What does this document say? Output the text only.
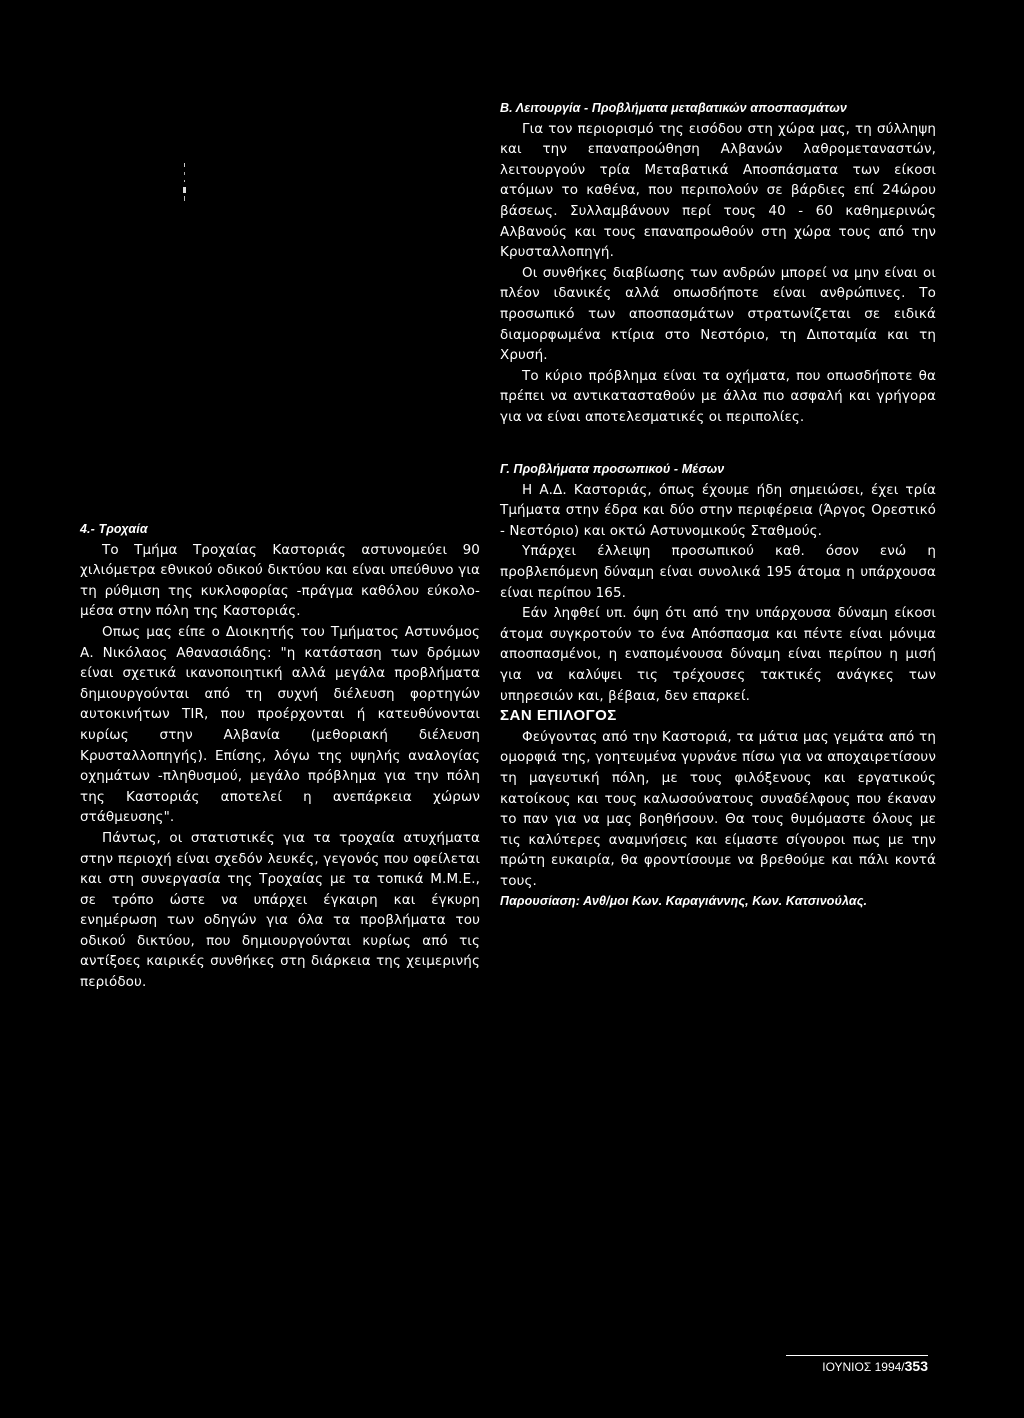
Β. Λειτουργία - Προβλήματα μεταβατικών αποσπασμάτων

Για τον περιορισμό της εισόδου στη χώρα μας, τη σύλληψη και την επαναπροώθηση Αλβανών λαθρομεταναστών, λειτουργούν τρία Μεταβατικά Αποσπάσματα των είκοσι ατόμων το καθένα, που περιπολούν σε βάρδιες επί 24ώρου βάσεως. Συλλαμβάνουν περί τους 40 - 60 καθημερινώς Αλβανούς και τους επαναπροωθούν στη χώρα τους από την Κρυσταλλοπηγή.

Οι συνθήκες διαβίωσης των ανδρών μπορεί να μην είναι οι πλέον ιδανικές αλλά οπωσδήποτε είναι ανθρώπινες. Το προσωπικό των αποσπασμάτων στρατωνίζεται σε ειδικά διαμορφωμένα κτίρια στο Νεστόριο, τη Διποταμία και τη Χρυσή.

Το κύριο πρόβλημα είναι τα οχήματα, που οπωσδήποτε θα πρέπει να αντικατασταθούν με άλλα πιο ασφαλή και γρήγορα για να είναι αποτελεσματικές οι περιπολίες.

Γ. Προβλήματα προσωπικού - Μέσων

Η Α.Δ. Καστοριάς, όπως έχουμε ήδη σημειώσει, έχει τρία Τμήματα στην έδρα και δύο στην περιφέρεια (Άργος Ορεστικό - Νεστόριο) και οκτώ Αστυνομικούς Σταθμούς.

Υπάρχει έλλειψη προσωπικού καθ. όσον ενώ η προβλεπόμενη δύναμη είναι συνολικά 195 άτομα η υπάρχουσα είναι περίπου 165.

Εάν ληφθεί υπ. όψη ότι από την υπάρχουσα δύναμη είκοσι άτομα συγκροτούν το ένα Απόσπασμα και πέντε είναι μόνιμα αποσπασμένοι, η εναπομένουσα δύναμη είναι περίπου η μισή για να καλύψει τις τρέχουσες τακτικές ανάγκες των υπηρεσιών και, βέβαια, δεν επαρκεί.

ΣΑΝ ΕΠΙΛΟΓΟΣ

Φεύγοντας από την Καστοριά, τα μάτια μας γεμάτα από τη ομορφιά της, γοητευμένα γυρνάνε πίσω για να αποχαιρετίσουν τη μαγευτική πόλη, με τους φιλόξενους και εργατικούς κατοίκους και τους καλωσούνατους συναδέλφους που έκαναν το παν για να μας βοηθήσουν. Θα τους θυμόμαστε όλους με τις καλύτερες αναμνήσεις και είμαστε σίγουροι πως με την πρώτη ευκαιρία, θα φροντίσουμε να βρεθούμε και πάλι κοντά τους.

Παρουσίαση: Ανθ/μοι Κων. Καραγιάννης, Κων. Κατσινούλας.

4.- Τροχαία

Το Τμήμα Τροχαίας Καστοριάς αστυνομεύει 90 χιλιόμετρα εθνικού οδικού δικτύου και είναι υπεύθυνο για τη ρύθμιση της κυκλοφορίας -πράγμα καθόλου εύκολο- μέσα στην πόλη της Καστοριάς.

Οπως μας είπε ο Διοικητής του Τμήματος Αστυνόμος Α. Νικόλαος Αθανασιάδης: "η κατάσταση των δρόμων είναι σχετικά ικανοποιητική αλλά μεγάλα προβλήματα δημιουργούνται από τη συχνή διέλευση φορτηγών αυτοκινήτων TIR, που προέρχονται ή κατευθύνονται κυρίως στην Αλβανία (μεθοριακή διέλευση Κρυσταλλοπηγής). Επίσης, λόγω της υψηλής αναλογίας οχημάτων -πληθυσμού, μεγάλο πρόβλημα για την πόλη της Καστοριάς αποτελεί η ανεπάρκεια χώρων στάθμευσης".

Πάντως, οι στατιστικές για τα τροχαία ατυχήματα στην περιοχή είναι σχεδόν λευκές, γεγονός που οφείλεται και στη συνεργασία της Τροχαίας με τα τοπικά Μ.Μ.Ε., σε τρόπο ώστε να υπάρχει έγκαιρη και έγκυρη ενημέρωση των οδηγών για όλα τα προβλήματα του οδικού δικτύου, που δημιουργούνται κυρίως από τις αντίξοες καιρικές συνθήκες στη διάρκεια της χειμερινής περιόδου.

ΙΟΥΝΙΟΣ 1994/353
